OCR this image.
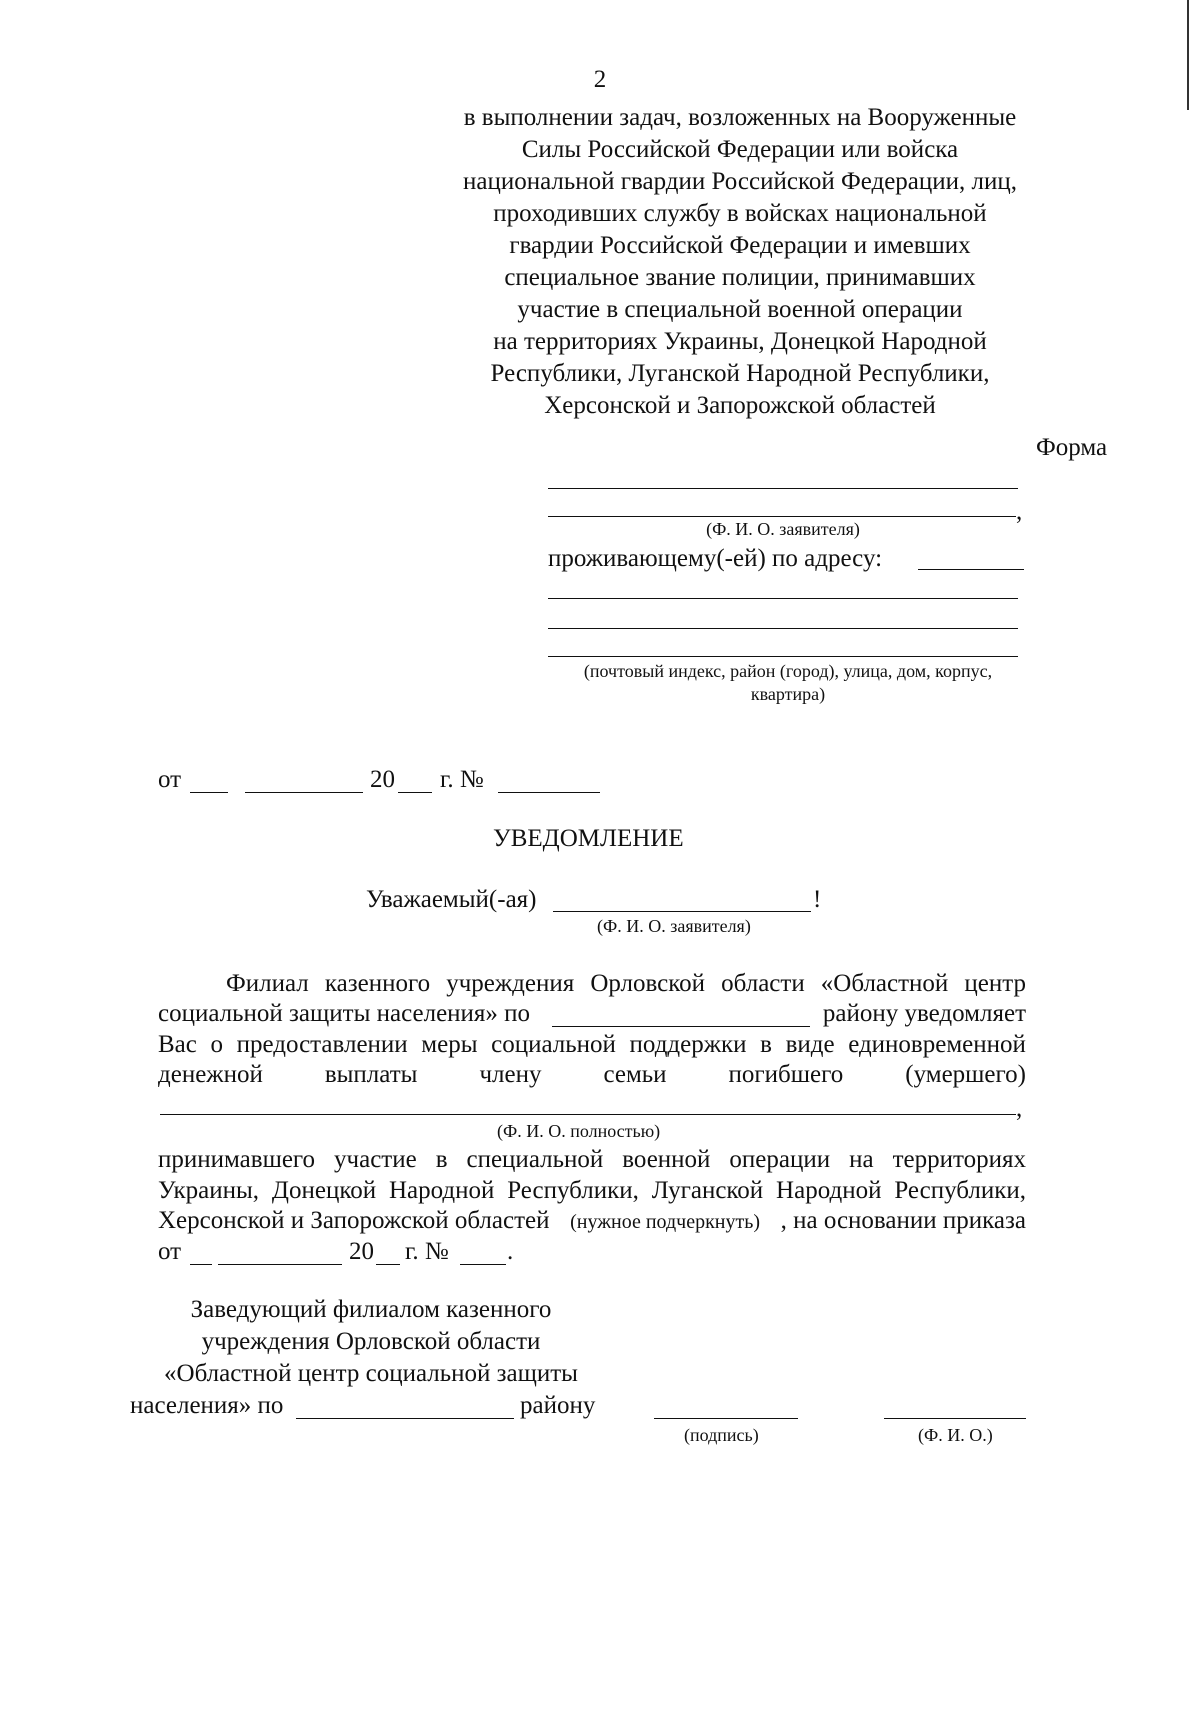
2
в выполнении задач, возложенных на Вооруженные
Силы Российской Федерации или войска
национальной гвардии Российской Федерации, лиц,
проходивших службу в войсках национальной
гвардии Российской Федерации и имевших
специальное звание полиции, принимавших
участие в специальной военной операции
на территориях Украины, Донецкой Народной
Республики, Луганской Народной Республики,
Херсонской и Запорожской областей
Форма
,
(Ф. И. О. заявителя)
проживающему(-ей) по адресу:
(почтовый индекс, район (город), улица, дом, корпус,
квартира)
от	20 г. №
УВЕДОМЛЕНИЕ
Уважаемый(-ая)	!
(Ф. И. О. заявителя)
Филиал казенного учреждения Орловской области «Областной центр
социальной защиты населения» по	району уведомляет
Вас о предоставлении меры социальной поддержки в виде единовременной
денежной выплаты члену семьи погибшего (умершего)
,
(Ф. И. О. полностью)
принимавшего участие в специальной военной операции на территориях
Украины, Донецкой Народной Республики, Луганской Народной Республики,
Херсонской и Запорожской областей (нужное подчеркнуть) , на основании приказа
от	20 г. № .
Заведующий филиалом казенного
учреждения Орловской области
«Областной центр социальной защиты
населения» по	району
(подпись)	(Ф. И. О.)
